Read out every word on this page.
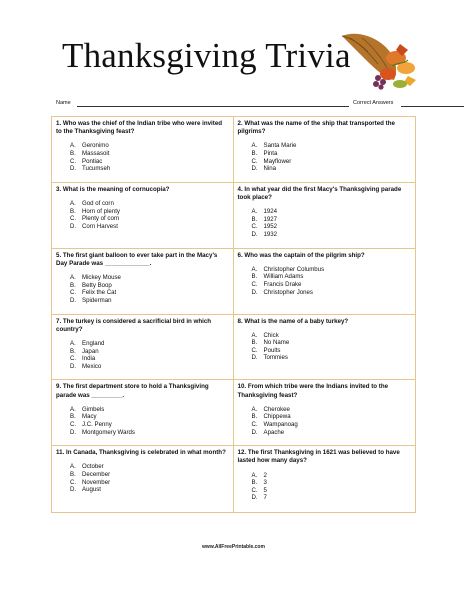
Thanksgiving Trivia
Name	Correct Answers

1. Who was the chief of the Indian tribe who were invited to the Thanksgiving feast?

A. Geronimo
B. Massasoit
C. Pontiac
D. Tucumseh

2. What was the name of the ship that transported the pilgrims?

A. Santa Marie
B. Pinta
C. Mayflower
D. Nina

3. What is the meaning of cornucopia?

A. God of corn
B. Horn of plenty
C. Plenty of corn
D. Corn Harvest

4. In what year did the first Macy's Thanksgiving parade took place?

A. 1924
B. 1927
C. 1952
D. 1932

5. The first giant balloon to ever take part in the Macy's Day Parade was _____________.

A. Mickey Mouse
B. Betty Boop
C. Felix the Cat
D. Spiderman

6. Who was the captain of the pilgrim ship?

A. Christopher Columbus
B. William Adams
C. Francis Drake
D. Christopher Jones

7. The turkey is considered a sacrificial bird in which country?

A. England
B. Japan
C. India
D. Mexico

8. What is the name of a baby turkey?

A. Chick
B. No Name
C. Poults
D. Tommies

9. The first department store to hold a Thanksgiving parade was _________.

A. Gimbels
B. Macy
C. J.C. Penny
D. Montgomery Wards

10. From which tribe were the Indians invited to the Thanksgiving feast?

A. Cherokee
B. Chippewa
C. Wampanoag
D. Apache

11. In Canada, Thanksgiving is celebrated in what month?

A. October
B. December
C. November
D. August

12. The first Thanksgiving in 1621 was believed to have lasted how many days?

A. 2
B. 3
C. 5
D. 7
www.AllFreePrintable.com
